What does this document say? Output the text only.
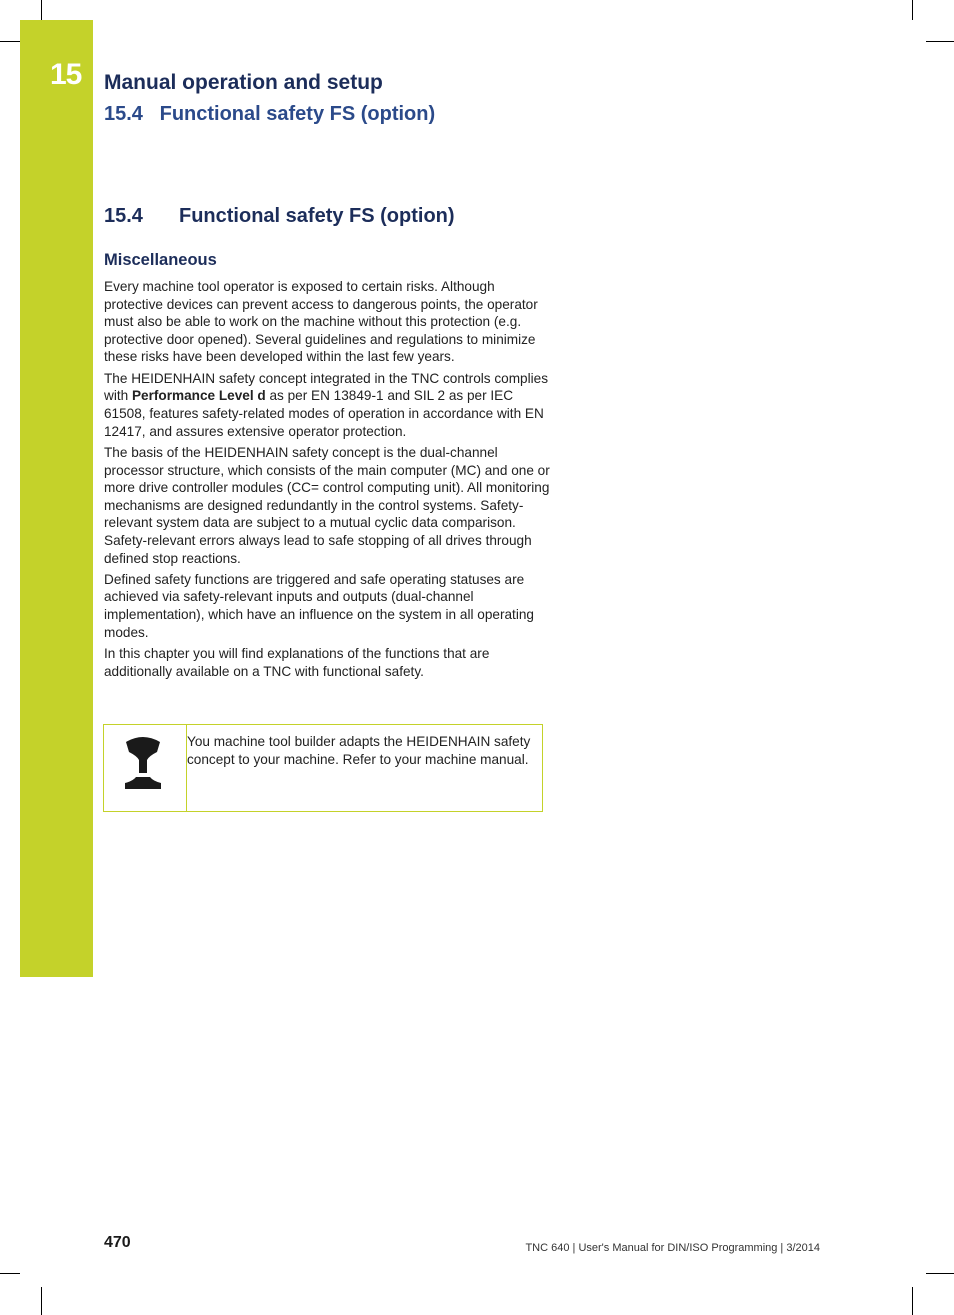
15 Manual operation and setup
15.4   Functional safety FS (option)
15.4 Functional safety FS (option)
Miscellaneous

Every machine tool operator is exposed to certain risks. Although protective devices can prevent access to dangerous points, the operator must also be able to work on the machine without this protection (e.g. protective door opened). Several guidelines and regulations to minimize these risks have been developed within the last few years.

The HEIDENHAIN safety concept integrated in the TNC controls complies with Performance Level d as per EN 13849-1 and SIL 2 as per IEC 61508, features safety-related modes of operation in accordance with EN 12417, and assures extensive operator protection.

The basis of the HEIDENHAIN safety concept is the dual-channel processor structure, which consists of the main computer (MC) and one or more drive controller modules (CC= control computing unit). All monitoring mechanisms are designed redundantly in the control systems. Safety-relevant system data are subject to a mutual cyclic data comparison. Safety-relevant errors always lead to safe stopping of all drives through defined stop reactions.

Defined safety functions are triggered and safe operating statuses are achieved via safety-relevant inputs and outputs (dual-channel implementation), which have an influence on the system in all operating modes.

In this chapter you will find explanations of the functions that are additionally available on a TNC with functional safety.

You machine tool builder adapts the HEIDENHAIN safety concept to your machine. Refer to your machine manual.
470	TNC 640 | User's Manual for DIN/ISO Programming | 3/2014
